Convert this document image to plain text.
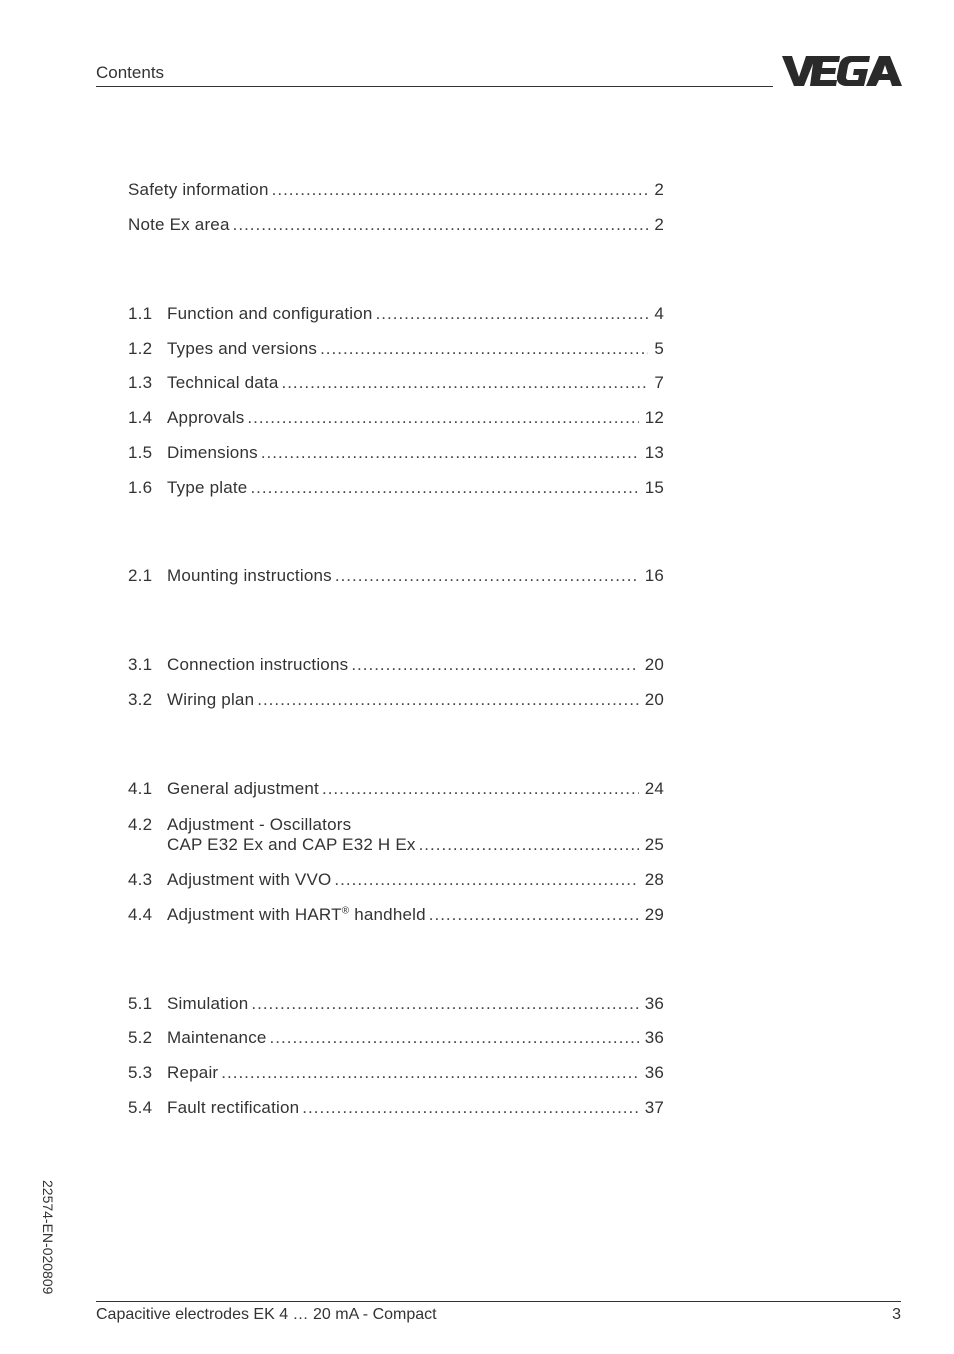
Contents
Safety information .....	2
Note Ex area .....	2
1.1 Function and configuration .....	4
1.2 Types and versions .....	5
1.3 Technical data .....	7
1.4 Approvals .....	12
1.5 Dimensions .....	13
1.6 Type plate .....	15
2.1 Mounting instructions .....	16
3.1 Connection instructions .....	20
3.2 Wiring plan .....	20
4.1 General adjustment .....	24
4.2 Adjustment - Oscillators
CAP E32 Ex and CAP E32 H Ex .....	25
4.3 Adjustment with VVO .....	28
4.4 Adjustment with HART® handheld .....	29
5.1 Simulation .....	36
5.2 Maintenance .....	36
5.3 Repair .....	36
5.4 Fault rectification .....	37
22574-EN-020809
Capacitive electrodes EK 4 … 20 mA - Compact	3
